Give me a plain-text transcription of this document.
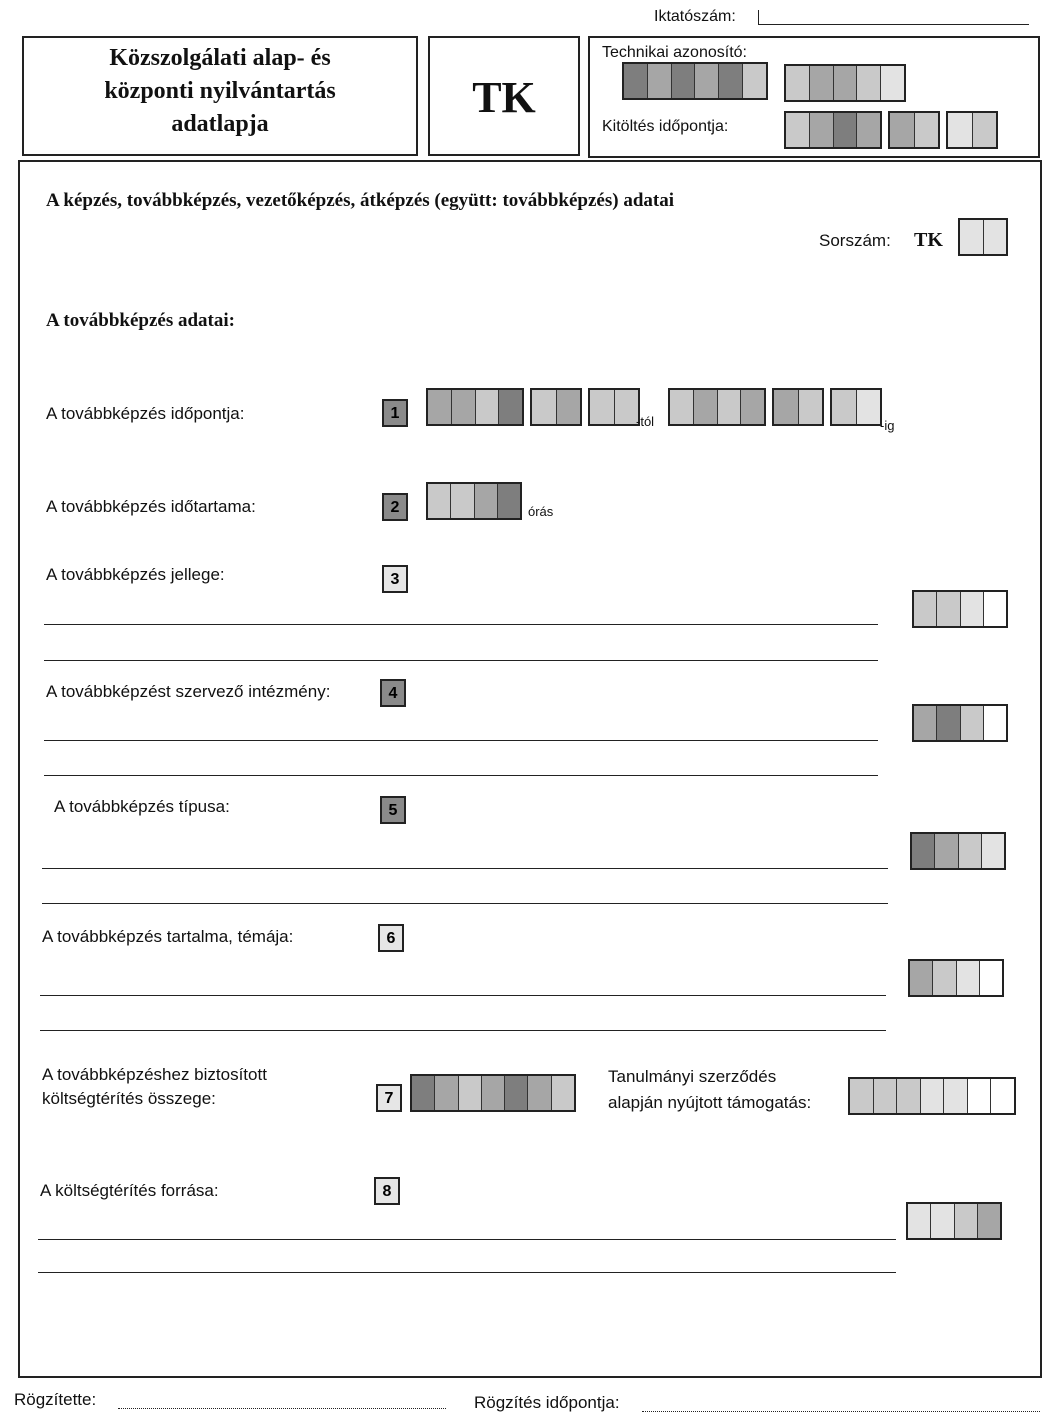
Iktatószám:
Közszolgálati alap- és
központi nyilvántartás
adatlapja
TK
Technikai azonosító:
Kitöltés időpontja:
A képzés, továbbképzés, vezetőképzés, átképzés (együtt: továbbképzés) adatai
Sorszám: TK
A továbbképzés adatai:
A továbbképzés időpontja:	1	-tól	-ig
A továbbképzés időtartama:	2	órás
A továbbképzés jellege:	3
A továbbképzést szervező intézmény:	4
A továbbképzés típusa:	5
A továbbképzés tartalma, témája:	6
A továbbképzéshez biztosított
költségtérítés összege:	7
Tanulmányi szerződés
alapján nyújtott támogatás:
A költségtérítés forrása:	8
Rögzítette:	Rögzítés időpontja:
